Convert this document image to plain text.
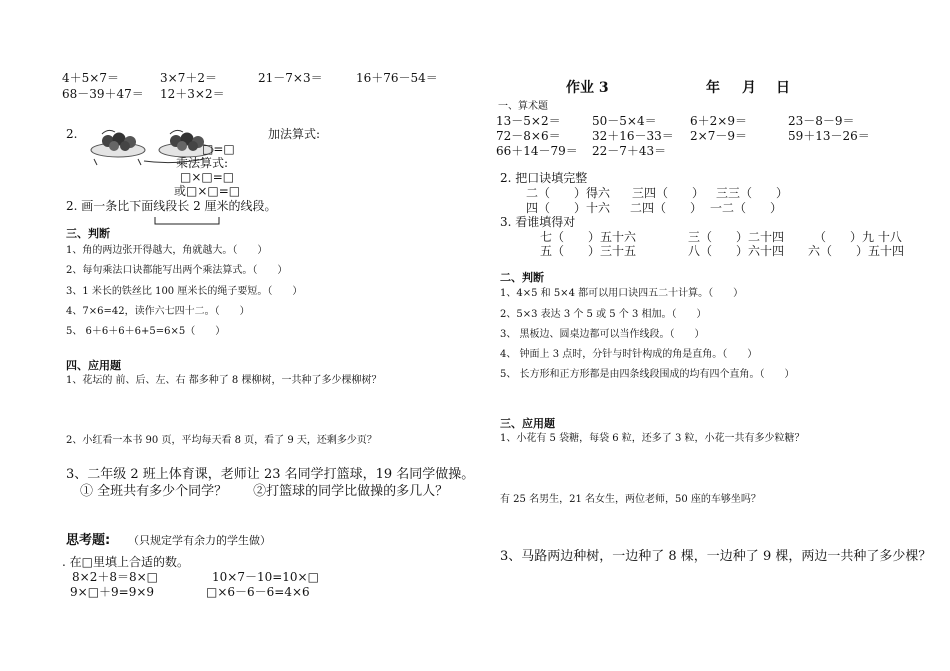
4＋5×7＝	3×7＋2＝	21－7×3＝	16＋76－54＝
68－39＋47＝ 12＋3×2＝
2.	加法算式:
□=□
乘法算式:
□×□=□
或□×□=□
2. 画一条比下面线段长 2 厘米的线段。
三、判断
1、角的两边张开得越大，角就越大。（　　）
2、每句乘法口诀都能写出两个乘法算式。（　　）
3、1 米长的铁丝比 100 厘米长的绳子要短。（　　）
4、7×6=42，读作六七四十二。（　　）
5、 6＋6＋6＋6+5=6×5（　　）
四、应用题
1、花坛的 前、后、左、右 都多种了 8 棵柳树，一共种了多少棵柳树？
2、小红看一本书 90 页，平均每天看 8 页，看了 9 天，还剩多少页？
3、二年级 2 班上体育课，老师让 23 名同学打篮球，19 名同学做操。
① 全班共有多少个同学？　　②打篮球的同学比做操的多几人？
思考题: （只规定学有余力的学生做）
. 在□里填上合适的数。
8×2＋8＝8×□	10×7－10=10×□
9×□＋9=9×9	□×6－6－6=4×6
作业 3	年 月 日
一、算术题
13－5×2＝	50－5×4＝	6＋2×9＝	23－8－9＝
72－8×6＝	32＋16－33＝ 2×7－9＝	59＋13－26＝
66＋14－79＝ 22－7＋43＝
2. 把口诀填完整
二（　　）得六 三四（　　） 三三（　　）
四（　　）十六 二四（　　） 一二（　　）
3. 看谁填得对
七（　　）五十六	三（　　）二十四 （　　）九 十八
五（　　）三十五	八（　　）六十四 六（　　）五十四
二、判断
1、4×5 和 5×4 都可以用口诀四五二十计算。（　　）
2、5×3 表达 3 个 5 或 5 个 3 相加。（　　）
3、 黑板边、圆桌边都可以当作线段。（　　）
4、 钟面上 3 点时，分针与时针构成的角是直角。（　　）
5、 长方形和正方形都是由四条线段围成的均有四个直角。（　　）
三、应用题
1、小花有 5 袋糖，每袋 6 粒，还多了 3 粒，小花一共有多少粒糖？
有 25 名男生，21 名女生，两位老师，50 座的车够坐吗？
3、马路两边种树，一边种了 8 棵，一边种了 9 棵，两边一共种了多少棵？
